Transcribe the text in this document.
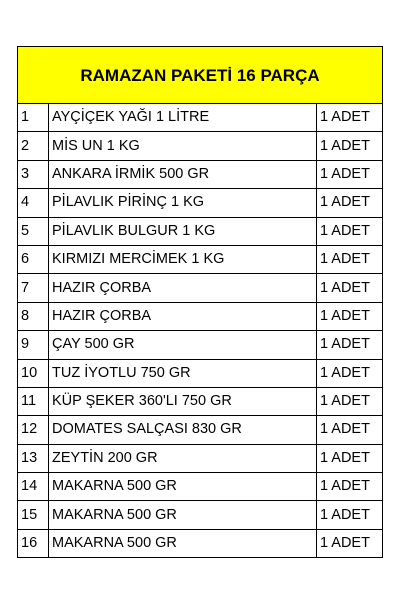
RAMAZAN PAKETİ 16 PARÇA		
1	AYÇİÇEK YAĞI 1 LİTRE	1 ADET
2	MİS UN 1 KG	1 ADET
3	ANKARA İRMİK 500 GR	1 ADET
4	PİLAVLIK PİRİNÇ 1 KG	1 ADET
5	PİLAVLIK BULGUR 1 KG	1 ADET
6	KIRMIZI MERCİMEK 1 KG	1 ADET
7	HAZIR ÇORBA	1 ADET
8	HAZIR ÇORBA	1 ADET
9	ÇAY 500 GR	1 ADET
10	TUZ İYOTLU 750 GR	1 ADET
11	KÜP ŞEKER 360'LI 750 GR	1 ADET
12	DOMATES SALÇASI 830 GR	1 ADET
13	ZEYTİN 200 GR	1 ADET
14	MAKARNA 500 GR	1 ADET
15	MAKARNA 500 GR	1 ADET
16	MAKARNA 500 GR	1 ADET
